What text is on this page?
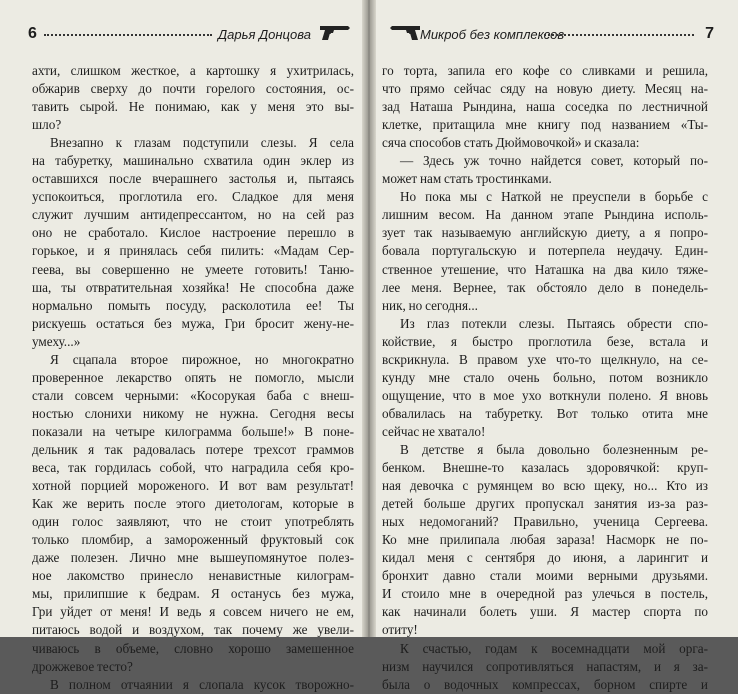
6	Дарья Донцова
ахти, слишком жесткое, а картошку я ухитрилась,
обжарив сверху до почти горелого состояния, ос-
тавить сырой. Не понимаю, как у меня это вы-
шло?
Внезапно к глазам подступили слезы. Я села
на табуретку, машинально схватила один эклер из
оставшихся после вчерашнего застолья и, пытаясь
успокоиться, проглотила его. Сладкое для меня
служит лучшим антидепрессантом, но на сей раз
оно не сработало. Кислое настроение перешло в
горькое, и я принялась себя пилить: «Мадам Сер-
геева, вы совершенно не умеете готовить! Таню-
ша, ты отвратительная хозяйка! Не способна даже
нормально помыть посуду, расколотила ее! Ты
рискуешь остаться без мужа, Гри бросит жену-не-
умеху...»
Я сцапала второе пирожное, но многократно
проверенное лекарство опять не помогло, мысли
стали совсем черными: «Косорукая баба с внеш-
ностью слонихи никому не нужна. Сегодня весы
показали на четыре килограмма больше!» В поне-
дельник я так радовалась потере трехсот граммов
веса, так гордилась собой, что наградила себя кро-
хотной порцией мороженого. И вот вам результат!
Как же верить после этого диетологам, которые в
один голос заявляют, что не стоит употреблять
только пломбир, а замороженный фруктовый сок
даже полезен. Лично мне вышеупомянутое полез-
ное лакомство принесло ненавистные килограм-
мы, прилипшие к бедрам. Я останусь без мужа,
Гри уйдет от меня! И ведь я совсем ничего не ем,
питаюсь водой и воздухом, так почему же увели-
чиваюсь в объеме, словно хорошо замешенное
дрожжевое тесто?
В полном отчаянии я слопала кусок творожно-
Микроб без комплексов	7
го торта, запила его кофе со сливками и решила,
что прямо сейчас сяду на новую диету. Месяц на-
зад Наташа Рындина, наша соседка по лестничной
клетке, притащила мне книгу под названием «Ты-
сяча способов стать Дюймовочкой» и сказала:
— Здесь уж точно найдется совет, который по-
может нам стать тростинками.
Но пока мы с Наткой не преуспели в борьбе с
лишним весом. На данном этапе Рындина исполь-
зует так называемую английскую диету, а я попро-
бовала португальскую и потерпела неудачу. Един-
ственное утешение, что Наташка на два кило тяже-
лее меня. Вернее, так обстояло дело в понедель-
ник, но сегодня...
Из глаз потекли слезы. Пытаясь обрести спо-
койствие, я быстро проглотила безе, встала и
вскрикнула. В правом ухе что-то щелкнуло, на се-
кунду мне стало очень больно, потом возникло
ощущение, что в мое ухо воткнули полено. Я вновь
обвалилась на табуретку. Вот только отита мне
сейчас не хватало!
В детстве я была довольно болезненным ре-
бенком. Внешне-то казалась здоровячкой: круп-
ная девочка с румянцем во всю щеку, но... Кто из
детей больше других пропускал занятия из-за раз-
ных недомоганий? Правильно, ученица Сергеева.
Ко мне прилипала любая зараза! Насморк не по-
кидал меня с сентября до июня, а ларингит и
бронхит давно стали моими верными друзьями.
И стоило мне в очередной раз улечься в постель,
как начинали болеть уши. Я мастер спорта по
отиту!
К счастью, годам к восемнадцати мой орга-
низм научился сопротивляться напастям, и я за-
была о водочных компрессах, борном спирте и
